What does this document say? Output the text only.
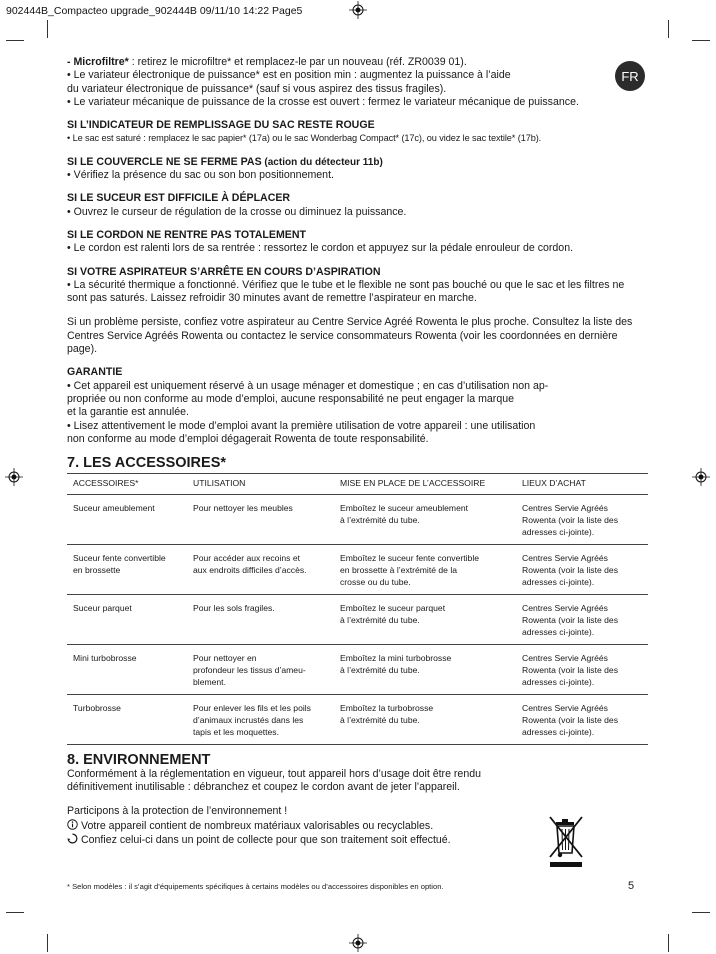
902444B_Compacteo upgrade_902444B 09/11/10 14:22 Page5
FR

- Microfiltre* : retirez le microfiltre* et remplacez-le par un nouveau (réf. ZR0039 01).

• Le variateur électronique de puissance* est en position min : augmentez la puissance à l’aide

du variateur électronique de puissance* (sauf si vous aspirez des tissus fragiles).

• Le variateur mécanique de puissance de la crosse est ouvert : fermez le variateur mécanique de puissance.

SI L’INDICATEUR DE REMPLISSAGE DU SAC RESTE ROUGE

• Le sac est saturé : remplacez le sac papier* (17a) ou le sac Wonderbag Compact* (17c), ou videz le sac textile* (17b).

SI LE COUVERCLE NE SE FERME PAS (action du détecteur 11b)

• Vérifiez la présence du sac ou son bon positionnement.

SI LE SUCEUR EST DIFFICILE À DÉPLACER

• Ouvrez le curseur de régulation de la crosse ou diminuez la puissance.

SI LE CORDON NE RENTRE PAS TOTALEMENT

• Le cordon est ralenti lors de sa rentrée : ressortez le cordon et appuyez sur la pédale enrouleur de cordon.

SI VOTRE ASPIRATEUR S’ARRÊTE EN COURS D’ASPIRATION

• La sécurité thermique a fonctionné. Vérifiez que le tube et le flexible ne sont pas bouché ou que le sac et les filtres ne sont pas saturés. Laissez refroidir 30 minutes avant de remettre l’aspirateur en marche.

Si un problème persiste, confiez votre aspirateur au Centre Service Agréé Rowenta le plus proche. Consultez la liste des Centres Service Agréés Rowenta ou contactez le service consommateurs Rowenta (voir les coordonnées en dernière page).

GARANTIE

• Cet appareil est uniquement réservé à un usage ménager et domestique ; en cas d’utilisation non ap-

propriée ou non conforme au mode d’emploi, aucune responsabilité ne peut engager la marque

et la garantie est annulée.

• Lisez attentivement le mode d’emploi avant la première utilisation de votre appareil : une utilisation

non conforme au mode d’emploi dégagerait Rowenta de toute responsabilité.

7. LES ACCESSOIRES*

ACCESSOIRES*	UTILISATION	MISE EN PLACE DE L’ACCESSOIRE	LIEUX D’ACHAT
Suceur ameublement	Pour nettoyer les meubles	Emboîtez le suceur ameublement
à l’extrémité du tube.	Centres Servie Agréés
Rowenta (voir la liste des
adresses ci-jointe).
Suceur fente convertible
en brossette	Pour accéder aux recoins et
aux endroits difficiles d’accès.	Emboîtez le suceur fente convertible
en brossette à l’extrémité de la
crosse ou du tube.	Centres Servie Agréés
Rowenta (voir la liste des
adresses ci-jointe).
Suceur parquet	Pour les sols fragiles.	Emboîtez le suceur parquet
à l’extrémité du tube.	Centres Servie Agréés
Rowenta (voir la liste des
adresses ci-jointe).
Mini turbobrosse	Pour nettoyer en
profondeur les tissus d’ameu-
blement.	Emboîtez la mini turbobrosse
à l’extrémité du tube.	Centres Servie Agréés
Rowenta (voir la liste des
adresses ci-jointe).
Turbobrosse	Pour enlever les fils et les poils
d’animaux incrustés dans les
tapis et les moquettes.	Emboîtez la turbobrosse
à l’extrémité du tube.	Centres Servie Agréés
Rowenta (voir la liste des
adresses ci-jointe).

8. ENVIRONNEMENT

Conformément à la réglementation en vigueur, tout appareil hors d’usage doit être rendu

définitivement inutilisable : débranchez et coupez le cordon avant de jeter l’appareil.

Participons à la protection de l’environnement !

Votre appareil contient de nombreux matériaux valorisables ou recyclables.

Confiez celui-ci dans un point de collecte pour que son traitement soit effectué.

* Selon modèles : il s’agit d’équipements spécifiques à certains modèles ou d’accessoires disponibles en option.	5
